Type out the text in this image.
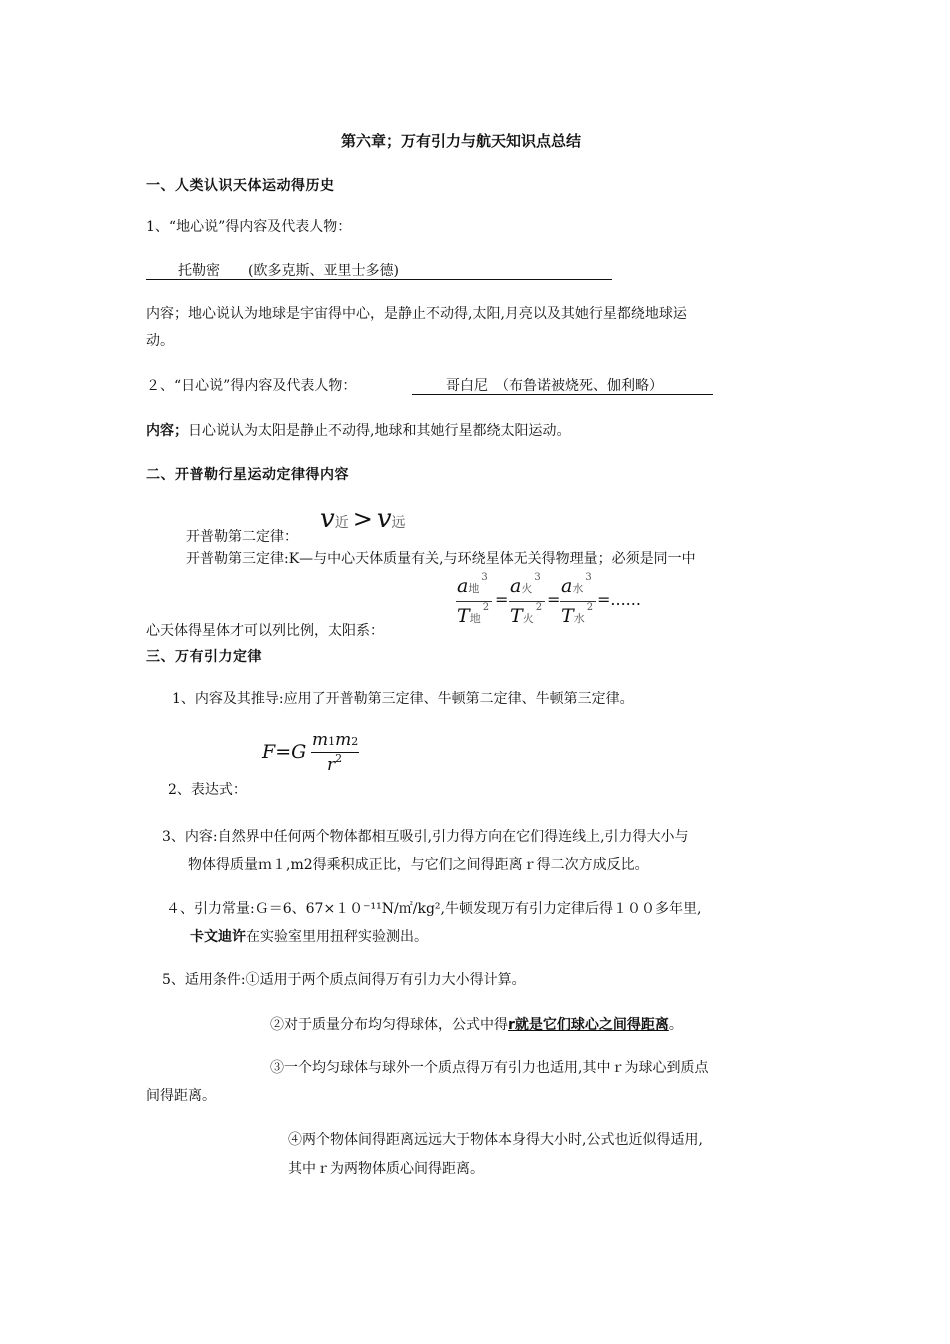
第六章；万有引力与航天知识点总结
一、人类认识天体运动得历史
1、“地心说”得内容及代表人物：
托勒密　　(欧多克斯、亚里士多德)
内容；地心说认为地球是宇宙得中心，是静止不动得,太阳,月亮以及其她行星都绕地球运
动。
２、“日心说”得内容及代表人物：	哥白尼　（布鲁诺被烧死、伽利略）
内容；日心说认为太阳是静止不动得,地球和其她行星都绕太阳运动。
二、开普勒行星运动定律得内容
开普勒第二定律：
v近 > v远
开普勒第三定律:K—与中心天体质量有关,与环绕星体无关得物理量；必须是同一中
心天体得星体才可以列比例，太阳系：
a地$^3$
T地$^2$ =
a火$^3$
T火$^2$ =
a水$^3$
T水$^2$ =......
三、万有引力定律
1、内容及其推导:应用了开普勒第三定律、牛顿第二定律、牛顿第三定律。
F=G
m1m2
$r^2$
2、表达式：
3、内容:自然界中任何两个物体都相互吸引,引力得方向在它们得连线上,引力得大小与
物体得质量ｍ１,m2得乘积成正比，与它们之间得距离ｒ得二次方成反比。
４、引力常量:Ｇ＝6、67×１０⁻¹¹N/㎡/kg²,牛顿发现万有引力定律后得１００多年里,
卡文迪许在实验室里用扭秤实验测出。
5、适用条件:①适用于两个质点间得万有引力大小得计算。
②对于质量分布均匀得球体，公式中得r就是它们球心之间得距离。
③一个均匀球体与球外一个质点得万有引力也适用,其中ｒ为球心到质点
间得距离。
④两个物体间得距离远远大于物体本身得大小时,公式也近似得适用,
其中ｒ为两物体质心间得距离。
